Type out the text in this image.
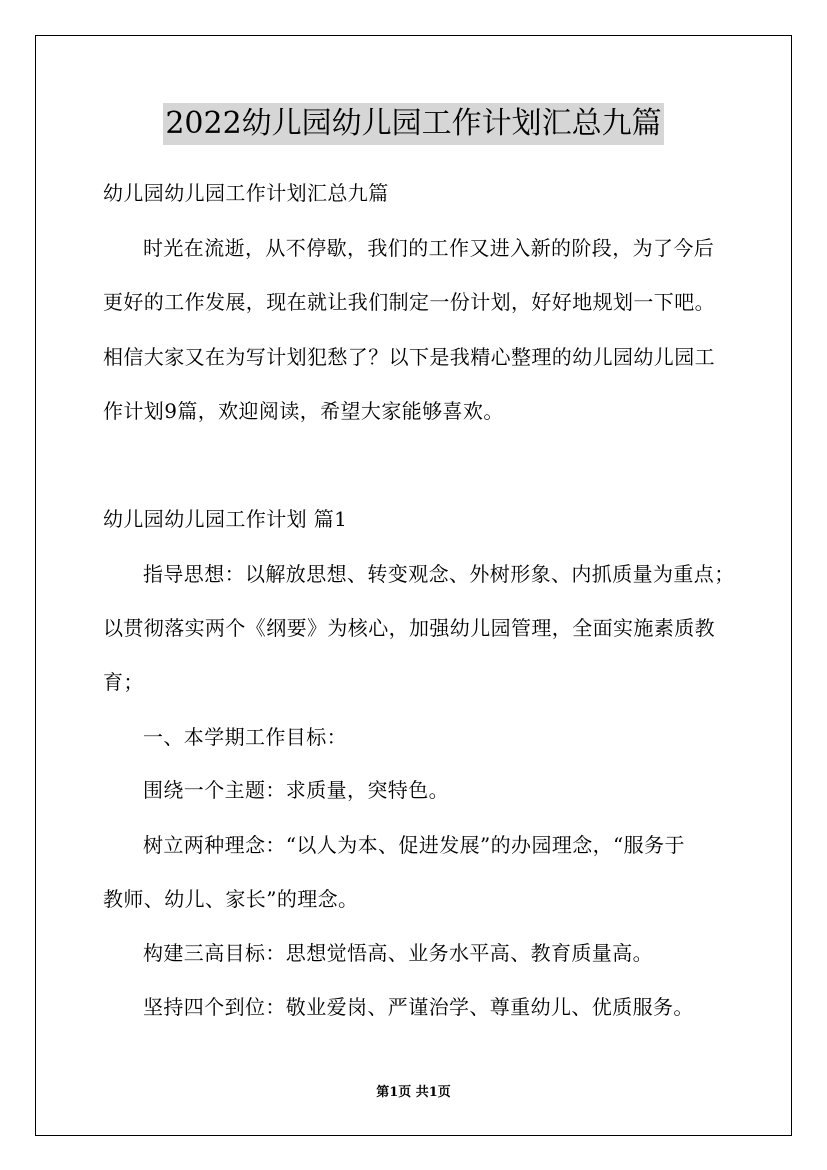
2022幼儿园幼儿园工作计划汇总九篇
幼儿园幼儿园工作计划汇总九篇
时光在流逝，从不停歇，我们的工作又进入新的阶段，为了今后
更好的工作发展，现在就让我们制定一份计划，好好地规划一下吧。
相信大家又在为写计划犯愁了？以下是我精心整理的幼儿园幼儿园工
作计划9篇，欢迎阅读，希望大家能够喜欢。
幼儿园幼儿园工作计划 篇1
指导思想：以解放思想、转变观念、外树形象、内抓质量为重点；
以贯彻落实两个《纲要》为核心，加强幼儿园管理，全面实施素质教
育；
一、本学期工作目标：
围绕一个主题：求质量，突特色。
树立两种理念：“以人为本、促进发展”的办园理念，“服务于
教师、幼儿、家长”的理念。
构建三高目标：思想觉悟高、业务水平高、教育质量高。
坚持四个到位：敬业爱岗、严谨治学、尊重幼儿、优质服务。
第1页 共1页
